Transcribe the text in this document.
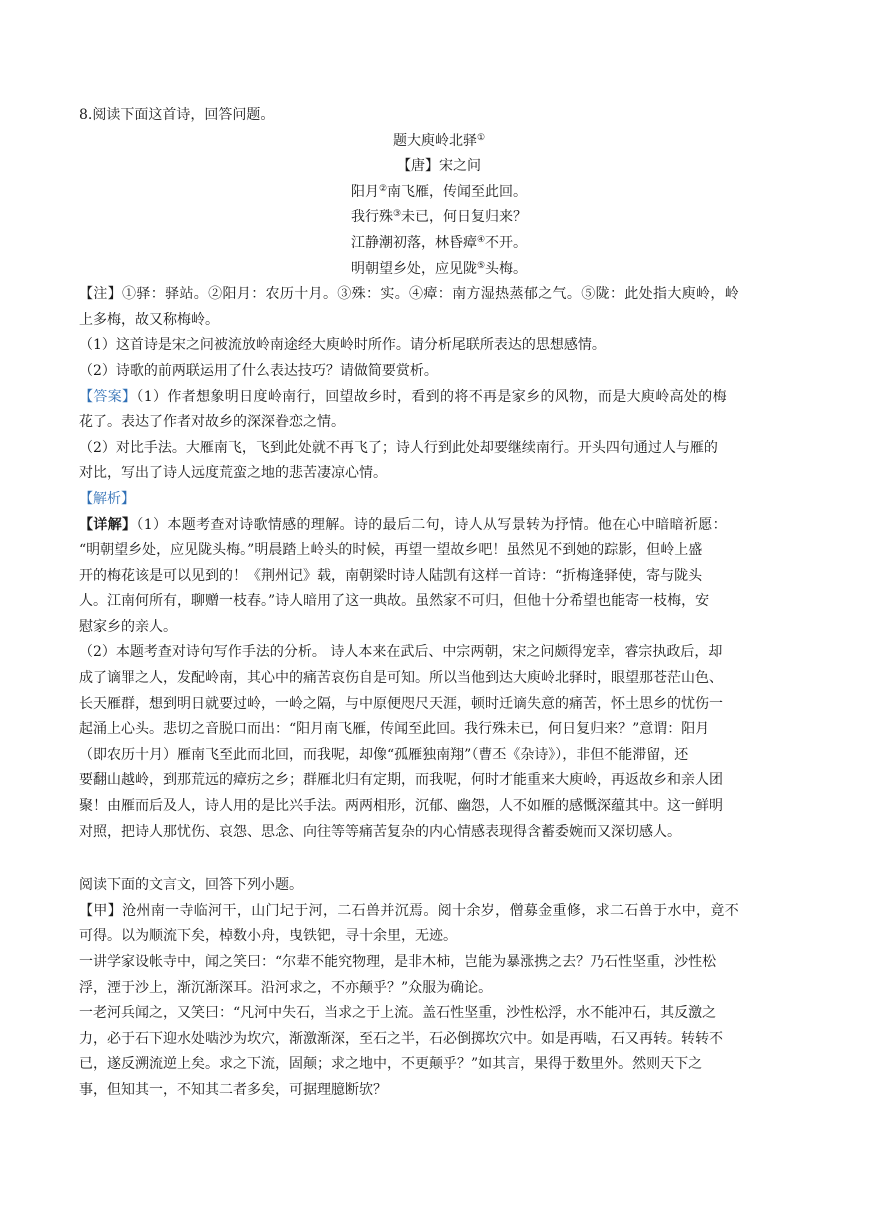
8.阅读下面这首诗，回答问题。
题大庾岭北驿①
【唐】宋之问
阳月②南飞雁，传闻至此回。
我行殊③未已，何日复归来？
江静潮初落，林昏瘴④不开。
明朝望乡处，应见陇⑤头梅。
【注】①驿：驿站。②阳月：农历十月。③殊：实。④瘴：南方湿热蒸郁之气。⑤陇：此处指大庾岭，岭
上多梅，故又称梅岭。
（1）这首诗是宋之问被流放岭南途经大庾岭时所作。请分析尾联所表达的思想感情。
（2）诗歌的前两联运用了什么表达技巧？请做简要赏析。
【答案】（1）作者想象明日度岭南行，回望故乡时，看到的将不再是家乡的风物，而是大庾岭高处的梅
花了。表达了作者对故乡的深深眷恋之情。
（2）对比手法。大雁南飞，飞到此处就不再飞了；诗人行到此处却要继续南行。开头四句通过人与雁的
对比，写出了诗人远度荒蛮之地的悲苦凄凉心情。
【解析】
【详解】（1）本题考查对诗歌情感的理解。诗的最后二句，诗人从写景转为抒情。他在心中暗暗祈愿：
“明朝望乡处，应见陇头梅。”明晨踏上岭头的时候，再望一望故乡吧！虽然见不到她的踪影，但岭上盛
开的梅花该是可以见到的！《荆州记》载，南朝梁时诗人陆凯有这样一首诗：“折梅逢驿使，寄与陇头
人。江南何所有，聊赠一枝春。”诗人暗用了这一典故。虽然家不可归，但他十分希望也能寄一枝梅，安
慰家乡的亲人。
（2）本题考查对诗句写作手法的分析。 诗人本来在武后、中宗两朝，宋之问颇得宠幸，睿宗执政后，却
成了谪罪之人，发配岭南，其心中的痛苦哀伤自是可知。所以当他到达大庾岭北驿时，眼望那苍茫山色、
长天雁群，想到明日就要过岭，一岭之隔，与中原便咫尺天涯，顿时迁谪失意的痛苦，怀土思乡的忧伤一
起涌上心头。悲切之音脱口而出：“阳月南飞雁，传闻至此回。我行殊未已，何日复归来？”意谓：阳月
（即农历十月）雁南飞至此而北回，而我呢，却像“孤雁独南翔”（曹丕《杂诗》），非但不能滞留，还
要翻山越岭，到那荒远的瘴疠之乡；群雁北归有定期，而我呢，何时才能重来大庾岭，再返故乡和亲人团
聚！由雁而后及人，诗人用的是比兴手法。两两相形，沉郁、幽怨，人不如雁的感慨深蕴其中。这一鲜明
对照，把诗人那忧伤、哀怨、思念、向往等等痛苦复杂的内心情感表现得含蓄委婉而又深切感人。
阅读下面的文言文，回答下列小题。
【甲】沧州南一寺临河干，山门圮于河，二石兽并沉焉。阅十余岁，僧募金重修，求二石兽于水中，竟不
可得。以为顺流下矣，棹数小舟，曳铁钯，寻十余里，无迹。
一讲学家设帐寺中，闻之笑曰：“尔辈不能究物理，是非木柿，岂能为暴涨携之去？乃石性坚重，沙性松
浮，湮于沙上，渐沉渐深耳。沿河求之，不亦颠乎？”众服为确论。
一老河兵闻之，又笑曰：“凡河中失石，当求之于上流。盖石性坚重，沙性松浮，水不能冲石，其反激之
力，必于石下迎水处啮沙为坎穴，渐激渐深，至石之半，石必倒掷坎穴中。如是再啮，石又再转。转转不
已，遂反溯流逆上矣。求之下流，固颠；求之地中，不更颠乎？”如其言，果得于数里外。然则天下之
事，但知其一，不知其二者多矣，可据理臆断欤？
